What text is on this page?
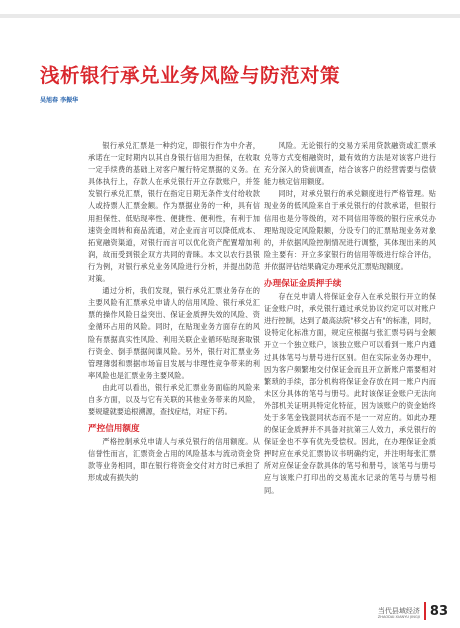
浅析银行承兑业务风险与防范对策
吴旭春 李振华

银行承兑汇票是一种约定，即银行作为中介者，承诺在一定时期内以其自身银行信用为担保，在收取一定手续费的基础上对客户履行特定票据的义务。在具体执行上，存款人在承兑银行开立存款账户，并签发银行承兑汇票，银行在指定日期无条件支付给收款人或持票人汇票金额。作为票据业务的一种，具有信用担保性、低贴现率性、便捷性、便利性，有利于加速资金周转和商品流通，对企业而言可以降低成本、拓宽融资渠道，对银行而言可以优化资产配置增加利润，故而受到银企双方共同的青睐。本文以农行县银行为例，对银行承兑业务风险进行分析，并提出防范对策。

通过分析，我们发现，银行承兑汇票业务存在的主要风险有汇票承兑申请人的信用风险、银行承兑汇票的操作风险日益突出、保证金质押失效的风险、资金循环占用的风险。同时，在贴现业务方面存在的风险有票据真实性风险、利用关联企业循环贴现套取银行资金、倒手票据间谍风险。另外，银行对汇票业务管理薄弱和票据市场盲目发展与非理性竞争带来的利率风险也是汇票业务主要风险。

由此可以看出，银行承兑汇票业务面临的风险来自多方面，以及与它有关联的其他业务带来的风险，要规避就要追根溯源，查找症结，对症下药。

严控信用额度

严格控制承兑申请人与承兑银行的信用额度。从信誉性而言，汇票资金占用的风险基本与流动资金贷款等业务相同，即在银行将资金交付对方时已承担了形成或有损失的

风险。无论银行的交易方采用贷款融资或汇票承兑等方式变相融资时，最有效的方法是对该客户进行充分深入的贷前调查，结合该客户的经营需要与偿债能力核定信用额度。

同时，对承兑银行的承兑额度进行严格管理。贴现业务的低风险来自于承兑银行的付款承诺，但银行信用也是分等级的，对不同信用等级的银行应承兑办理贴现设定风险限额，分设专门的汇票贴现业务对象的，并依据风险控制情况进行调整，其体现出来的风险主要有：开立多家银行的信用等级进行综合评估，并依据评估结果确定办理承兑汇票贴现额度。

办理保证金质押手续

存在兑申请人将保证金存入在承兑银行开立的保证金账户时，承兑银行通过承兑协议约定可以对账户进行控制，达到了最高法院"移交占有"的标准，同时，设特定化标准方面，规定应根据与张汇票号码与金额开立一个独立账户，该独立账户可以看到一账户内通过具体笔号与册号进行区别。但在实际业务办理中，因为客户频繁地交付保证金而且开立新账户需要相对繁琐的手续，部分机构将保证金存放在同一账户内而未区分具体的笔号与册号。此时该保证金账户无法向外部机关证明具特定化特征，因为该账户的资金始终处于多笔金钱混同状态而不是一一对应的。如此办理的保证金质押并不具备对抗第三人效力，承兑银行的保证金也不享有优先受偿权。因此，在办理保证金质押时应在承兑汇票协议书明确约定，并注明每张汇票所对应保证金存款具体的笔号和册号，该笔号与册号应与该账户打印出的交易流水记录的笔号与册号相同。

当代县域经济
ZHAODAI XIANYU JINGJI 83
